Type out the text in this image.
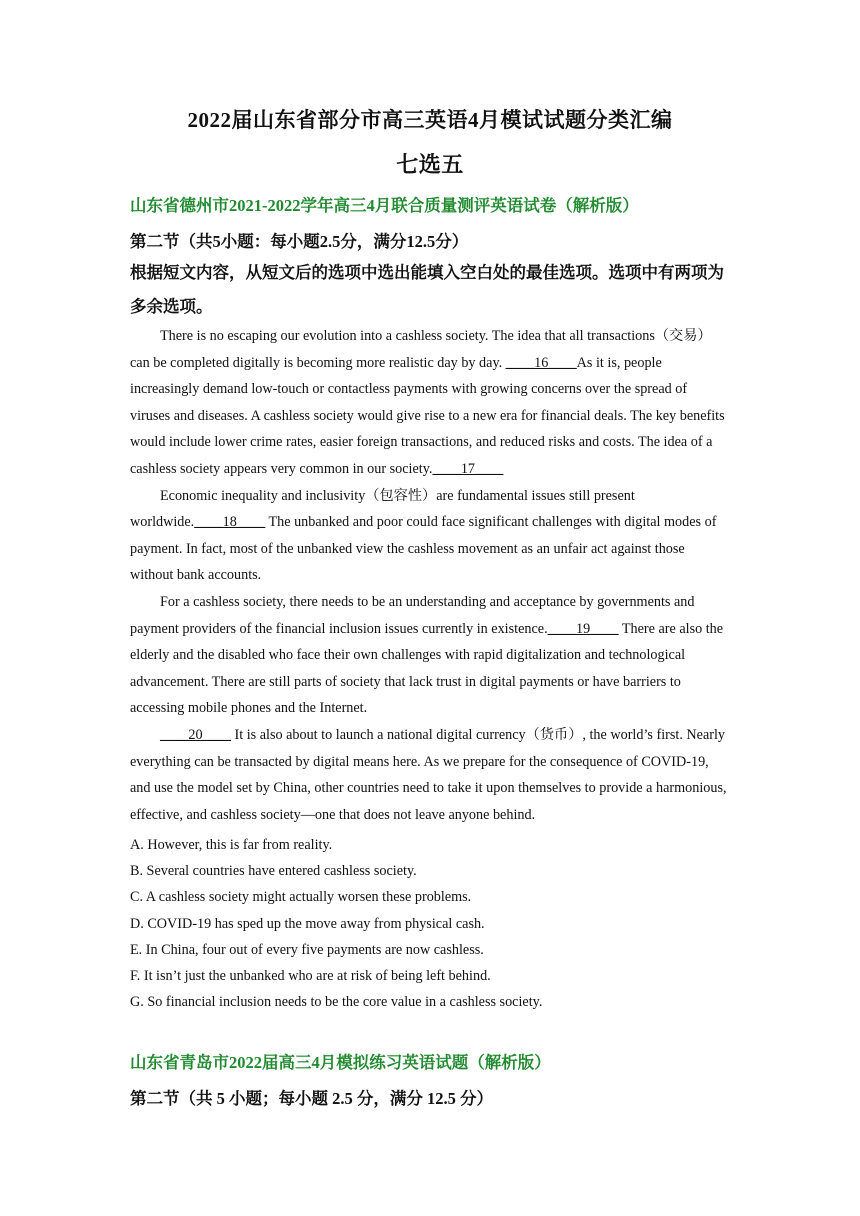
2022届山东省部分市高三英语4月模试试题分类汇编
七选五
山东省德州市2021-2022学年高三4月联合质量测评英语试卷（解析版）
第二节（共5小题：每小题2.5分，满分12.5分）
根据短文内容，从短文后的选项中选出能填入空白处的最佳选项。选项中有两项为多余选项。

There is no escaping our evolution into a cashless society. The idea that all transactions（交易）can be completed digitally is becoming more realistic day by day. ____16____As it is, people increasingly demand low-touch or contactless payments with growing concerns over the spread of viruses and diseases. A cashless society would give rise to a new era for financial deals. The key benefits would include lower crime rates, easier foreign transactions, and reduced risks and costs. The idea of a cashless society appears very common in our society.____17____

Economic inequality and inclusivity（包容性）are fundamental issues still present worldwide.____18____ The unbanked and poor could face significant challenges with digital modes of payment. In fact, most of the unbanked view the cashless movement as an unfair act against those without bank accounts.

For a cashless society, there needs to be an understanding and acceptance by governments and payment providers of the financial inclusion issues currently in existence.____19____ There are also the elderly and the disabled who face their own challenges with rapid digitalization and technological advancement. There are still parts of society that lack trust in digital payments or have barriers to accessing mobile phones and the Internet.

____20____ It is also about to launch a national digital currency（货币）, the world’s first. Nearly everything can be transacted by digital means here. As we prepare for the consequence of COVID-19, and use the model set by China, other countries need to take it upon themselves to provide a harmonious, effective, and cashless society—one that does not leave anyone behind.

A. However, this is far from reality.
B. Several countries have entered cashless society.
C. A cashless society might actually worsen these problems.
D. COVID-19 has sped up the move away from physical cash.
E. In China, four out of every five payments are now cashless.
F. It isn’t just the unbanked who are at risk of being left behind.
G. So financial inclusion needs to be the core value in a cashless society.
山东省青岛市2022届高三4月模拟练习英语试题（解析版）
第二节（共 5 小题；每小题 2.5 分，满分 12.5 分）
